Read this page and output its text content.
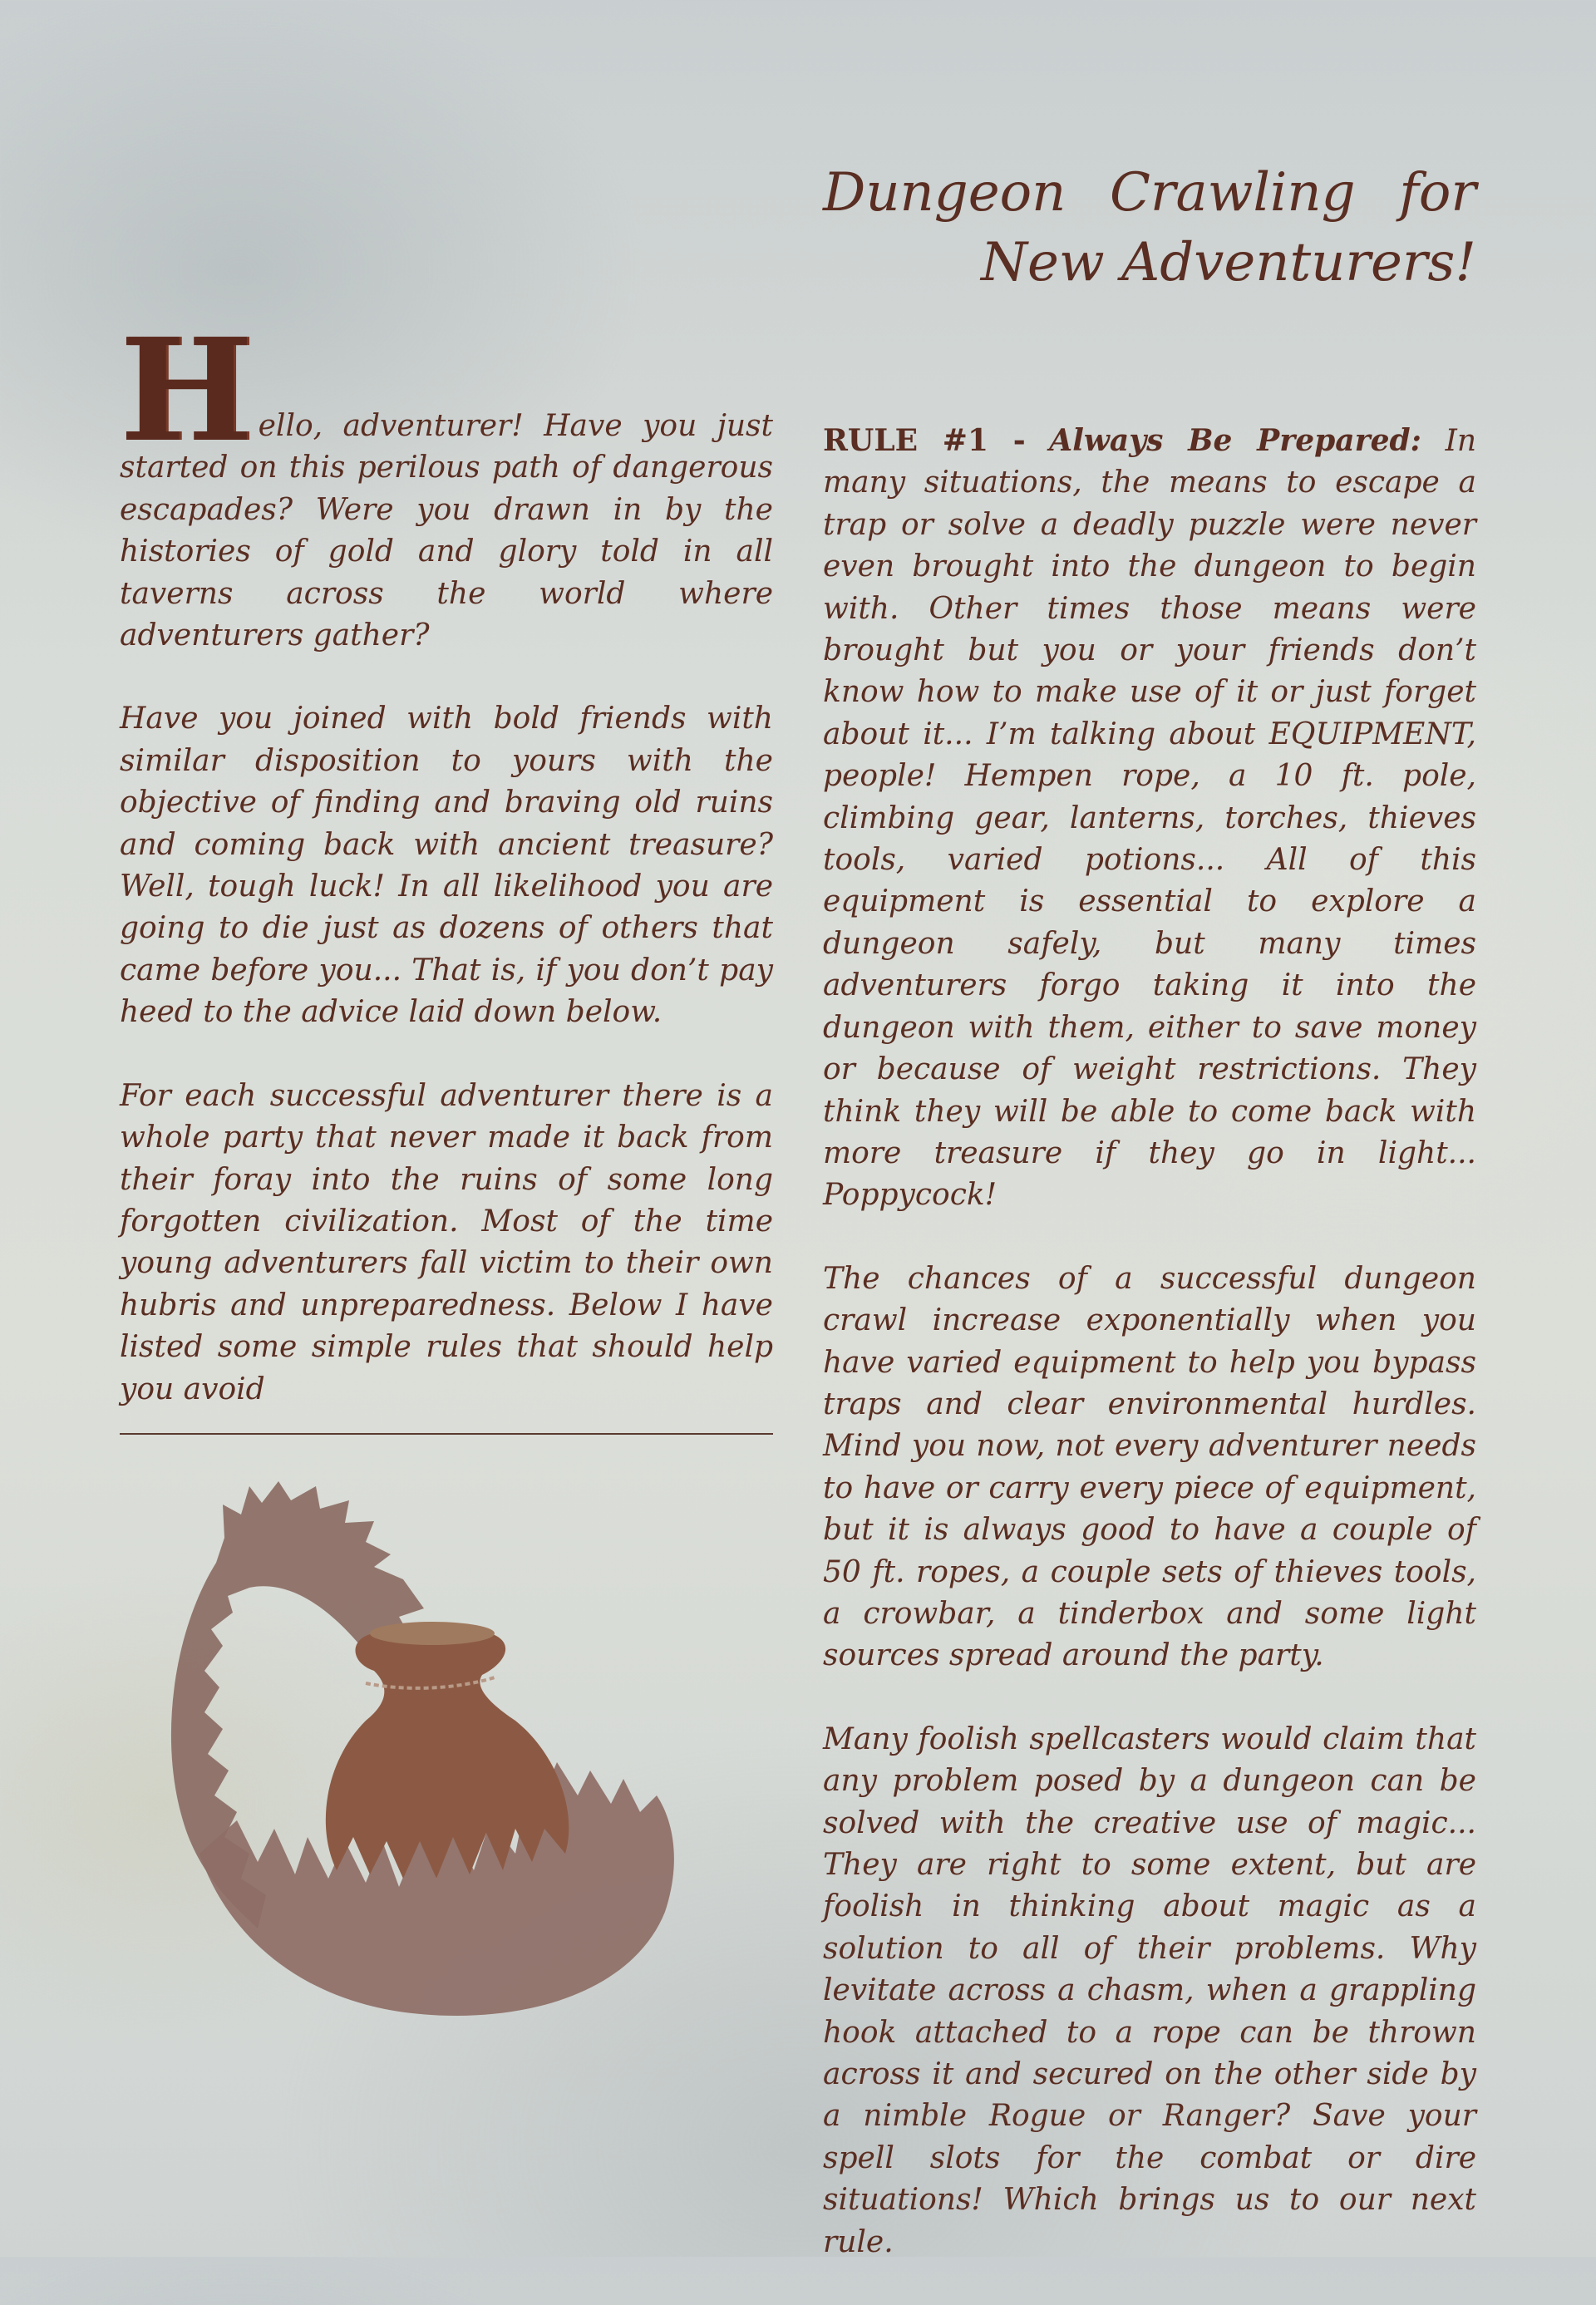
Dungeon Crawling for
New Adventurers!

H ello, adventurer! Have you just started on this perilous path of dangerous escapades? Were you drawn in by the histories of gold and glory told in all taverns across the world where adventurers gather?

Have you joined with bold friends with similar disposition to yours with the objective of finding and braving old ruins and coming back with ancient treasure? Well, tough luck! In all likelihood you are going to die just as dozens of others that came before you... That is, if you don’t pay heed to the advice laid down below.

For each successful adventurer there is a whole party that never made it back from their foray into the ruins of some long forgotten civilization. Most of the time young adventurers fall victim to their own hubris and unpreparedness. Below I have listed some simple rules that should help you avoid

RULE #1 - Always Be Prepared: In many situations, the means to escape a trap or solve a deadly puzzle were never even brought into the dungeon to begin with. Other times those means were brought but you or your friends don’t know how to make use of it or just forget about it... I’m talking about EQUIPMENT, people! Hempen rope, a 10 ft. pole, climbing gear, lanterns, torches, thieves tools, varied potions... All of this equipment is essential to explore a dungeon safely, but many times adventurers forgo taking it into the dungeon with them, either to save money or because of weight restrictions. They think they will be able to come back with more treasure if they go in light... Poppycock!

The chances of a successful dungeon crawl increase exponentially when you have varied equipment to help you bypass traps and clear environmental hurdles. Mind you now, not every adventurer needs to have or carry every piece of equipment, but it is always good to have a couple of 50 ft. ropes, a couple sets of thieves tools, a crowbar, a tinderbox and some light sources spread around the party.

Many foolish spellcasters would claim that any problem posed by a dungeon can be solved with the creative use of magic... They are right to some extent, but are foolish in thinking about magic as a solution to all of their problems. Why levitate across a chasm, when a grappling hook attached to a rope can be thrown across it and secured on the other side by a nimble Rogue or Ranger? Save your spell slots for the combat or dire situations! Which brings us to our next rule.
